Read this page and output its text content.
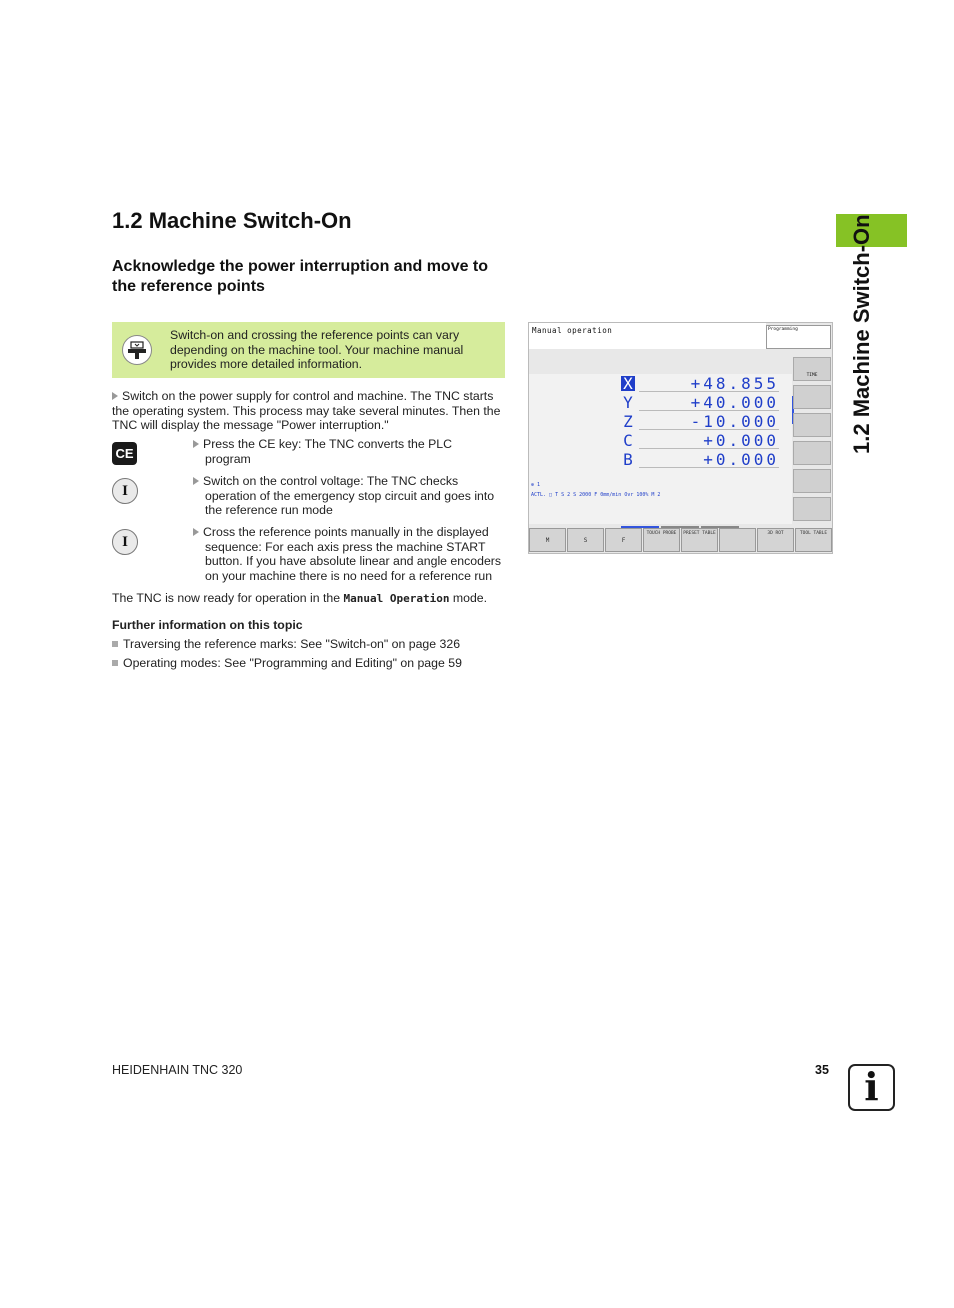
1.2 Machine Switch-On
Acknowledge the power interruption and move to the reference points	1.2 Machine Switch-On
Switch-on and crossing the reference points can vary depending on the machine tool. Your machine manual provides more detailed information.
Switch on the power supply for control and machine. The TNC starts the operating system. This process may take several minutes. Then the TNC will display the message "Power interruption."
CE
Press the CE key: The TNC converts the PLC program
I
Switch on the control voltage: The TNC checks operation of the emergency stop circuit and goes into the reference run mode
I
Cross the reference points manually in the displayed sequence: For each axis press the machine START button. If you have absolute linear and angle encoders on your machine there is no need for a reference run
The TNC is now ready for operation in the Manual Operation mode.
Further information on this topic
Traversing the reference marks: See "Switch-on" on page 326
Operating modes: See "Programming and Editing" on page 59
Manual operation	Programming
X	+48.855
Y	+40.000
Z	-10.000
C	+0.000
B	+0.000
⊕ 1
ACTL. □ T S 2 S 2000 F 0mm/min Ovr 100% M 2
TIME
M	S	F
TOUCH PROBE	PRESET TABLE	3D ROT	TOOL TABLE
HEIDENHAIN TNC 320	35 i
